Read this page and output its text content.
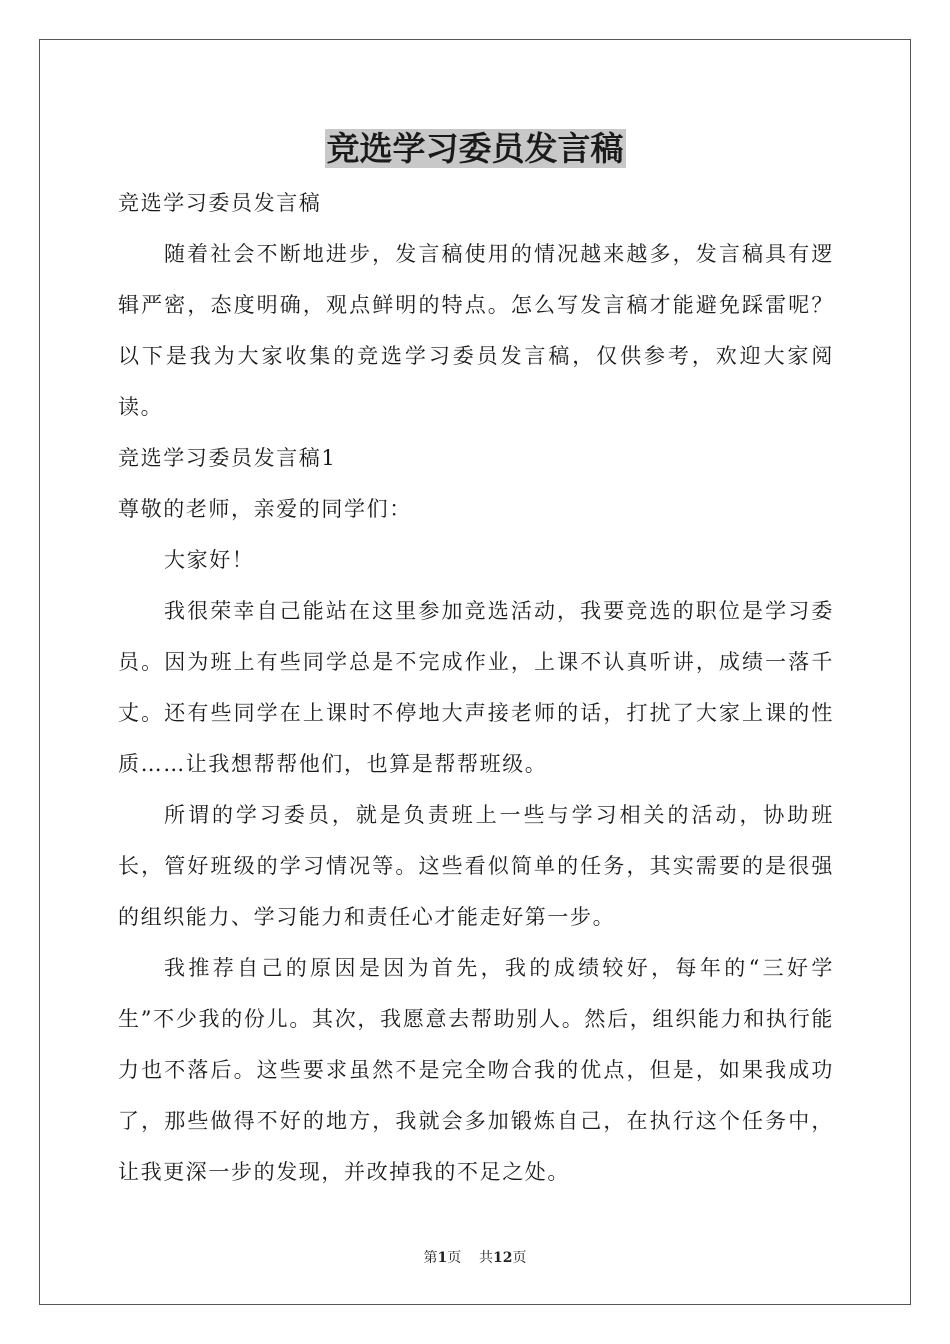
竞选学习委员发言稿

竞选学习委员发言稿

随着社会不断地进步，发言稿使用的情况越来越多，发言稿具有逻辑严密，态度明确，观点鲜明的特点。怎么写发言稿才能避免踩雷呢？以下是我为大家收集的竞选学习委员发言稿，仅供参考，欢迎大家阅读。

竞选学习委员发言稿1

尊敬的老师，亲爱的同学们：

大家好！

我很荣幸自己能站在这里参加竞选活动，我要竞选的职位是学习委员。因为班上有些同学总是不完成作业，上课不认真听讲，成绩一落千丈。还有些同学在上课时不停地大声接老师的话，打扰了大家上课的性质……让我想帮帮他们，也算是帮帮班级。

所谓的学习委员，就是负责班上一些与学习相关的活动，协助班长，管好班级的学习情况等。这些看似简单的任务，其实需要的是很强的组织能力、学习能力和责任心才能走好第一步。

我推荐自己的原因是因为首先，我的成绩较好，每年的“三好学生”不少我的份儿。其次，我愿意去帮助别人。然后，组织能力和执行能力也不落后。这些要求虽然不是完全吻合我的优点，但是，如果我成功了，那些做得不好的地方，我就会多加锻炼自己，在执行这个任务中，让我更深一步的发现，并改掉我的不足之处。

第1页 共12页
